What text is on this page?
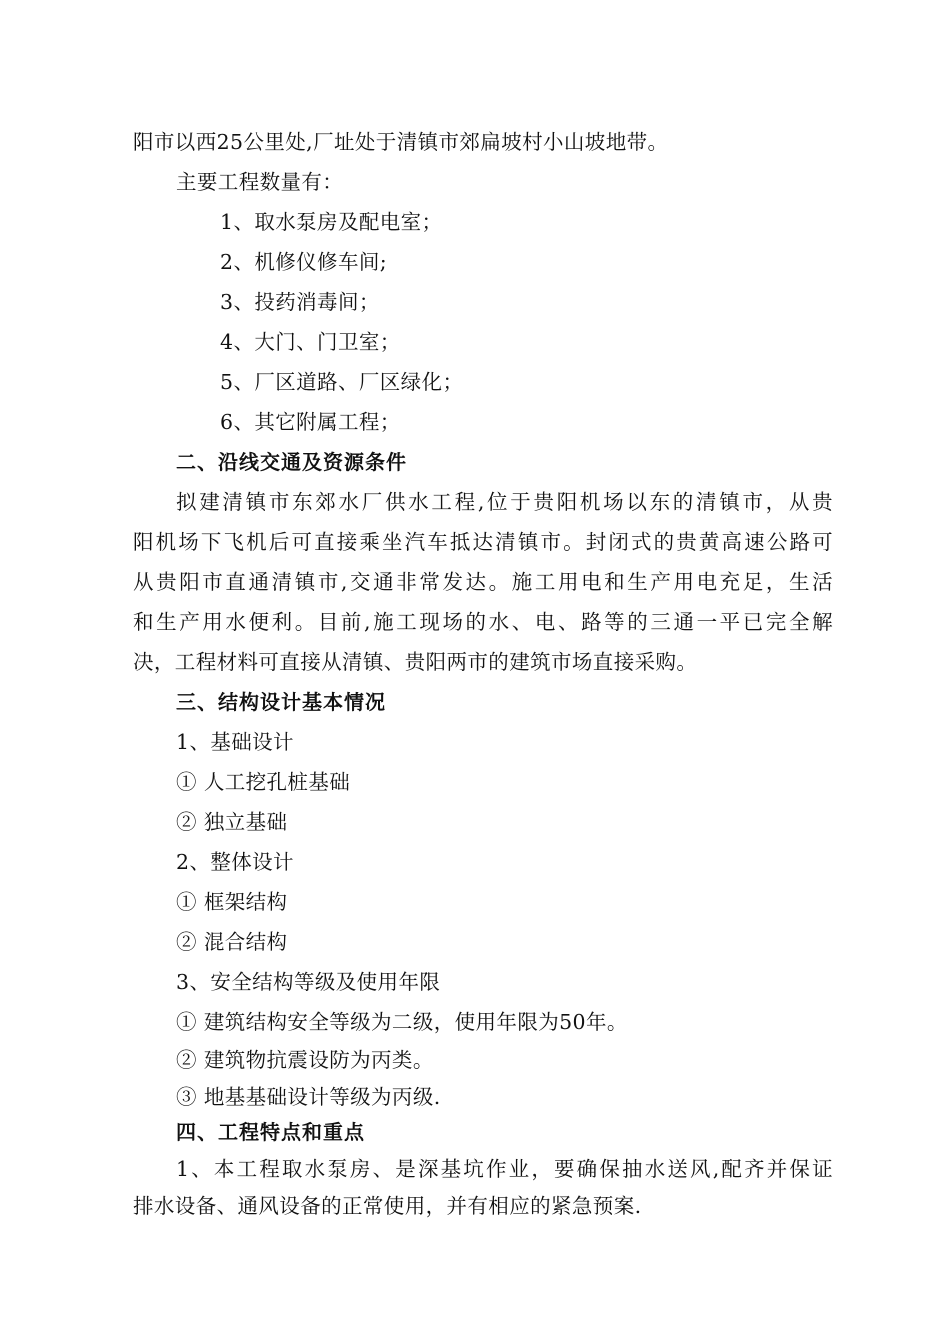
阳市以西25公里处,厂址处于清镇市郊扁坡村小山坡地带。
主要工程数量有：
1、取水泵房及配电室；
2、机修仪修车间;
3、投药消毒间；
4、大门、门卫室；
5、厂区道路、厂区绿化；
6、其它附属工程；
二、沿线交通及资源条件
拟建清镇市东郊水厂供水工程,位于贵阳机场以东的清镇市，从贵
阳机场下飞机后可直接乘坐汽车抵达清镇市。封闭式的贵黄高速公路可
从贵阳市直通清镇市,交通非常发达。施工用电和生产用电充足，生活
和生产用水便利。目前,施工现场的水、电、路等的三通一平已完全解
决，工程材料可直接从清镇、贵阳两市的建筑市场直接采购。
三、结构设计基本情况
1、基础设计
① 人工挖孔桩基础
② 独立基础
2、整体设计
① 框架结构
② 混合结构
3、安全结构等级及使用年限
① 建筑结构安全等级为二级，使用年限为50年。
② 建筑物抗震设防为丙类。
③ 地基基础设计等级为丙级.
四、工程特点和重点
1、本工程取水泵房、是深基坑作业，要确保抽水送风,配齐并保证
排水设备、通风设备的正常使用，并有相应的紧急预案.
